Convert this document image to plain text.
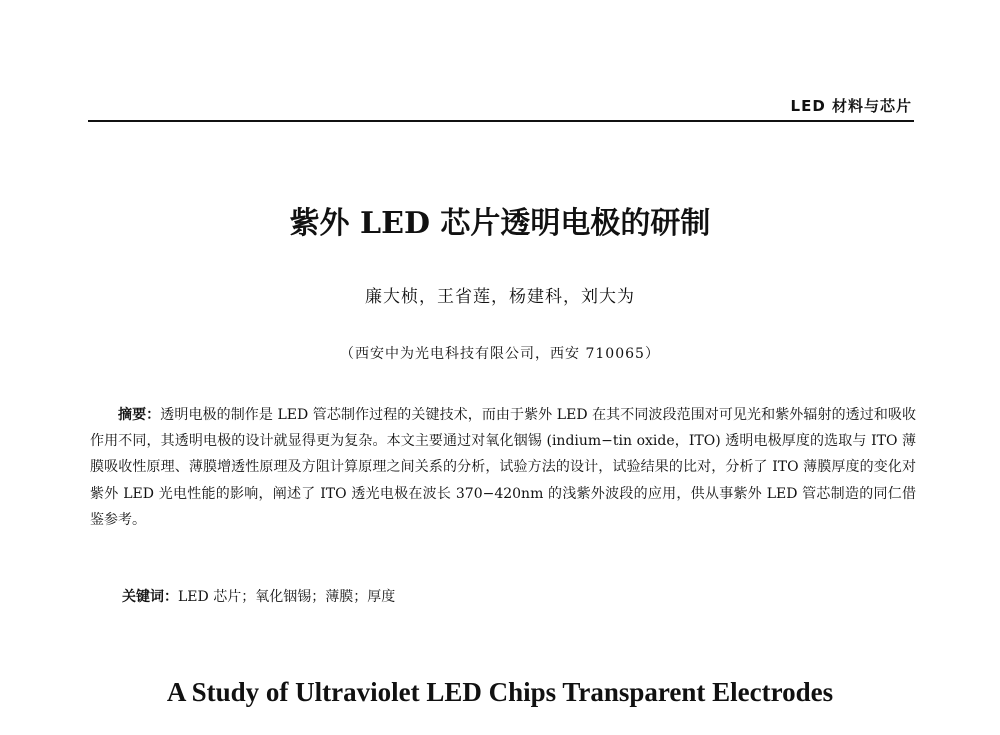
LED 材料与芯片
紫外 LED 芯片透明电极的研制
廉大桢，王省莲，杨建科，刘大为
（西安中为光电科技有限公司，西安 710065）

摘要：透明电极的制作是 LED 管芯制作过程的关键技术，而由于紫外 LED 在其不同波段范围对可见光和紫外辐射的透过和吸收作用不同，其透明电极的设计就显得更为复杂。本文主要通过对氧化铟锡 (indium−tin oxide，ITO) 透明电极厚度的选取与 ITO 薄膜吸收性原理、薄膜增透性原理及方阻计算原理之间关系的分析，试验方法的设计，试验结果的比对，分析了 ITO 薄膜厚度的变化对紫外 LED 光电性能的影响，阐述了 ITO 透光电极在波长 370−420nm 的浅紫外波段的应用，供从事紫外 LED 管芯制造的同仁借鉴参考。

关键词：LED 芯片；氧化铟锡；薄膜；厚度

A Study of Ultraviolet LED Chips Transparent Electrodes
